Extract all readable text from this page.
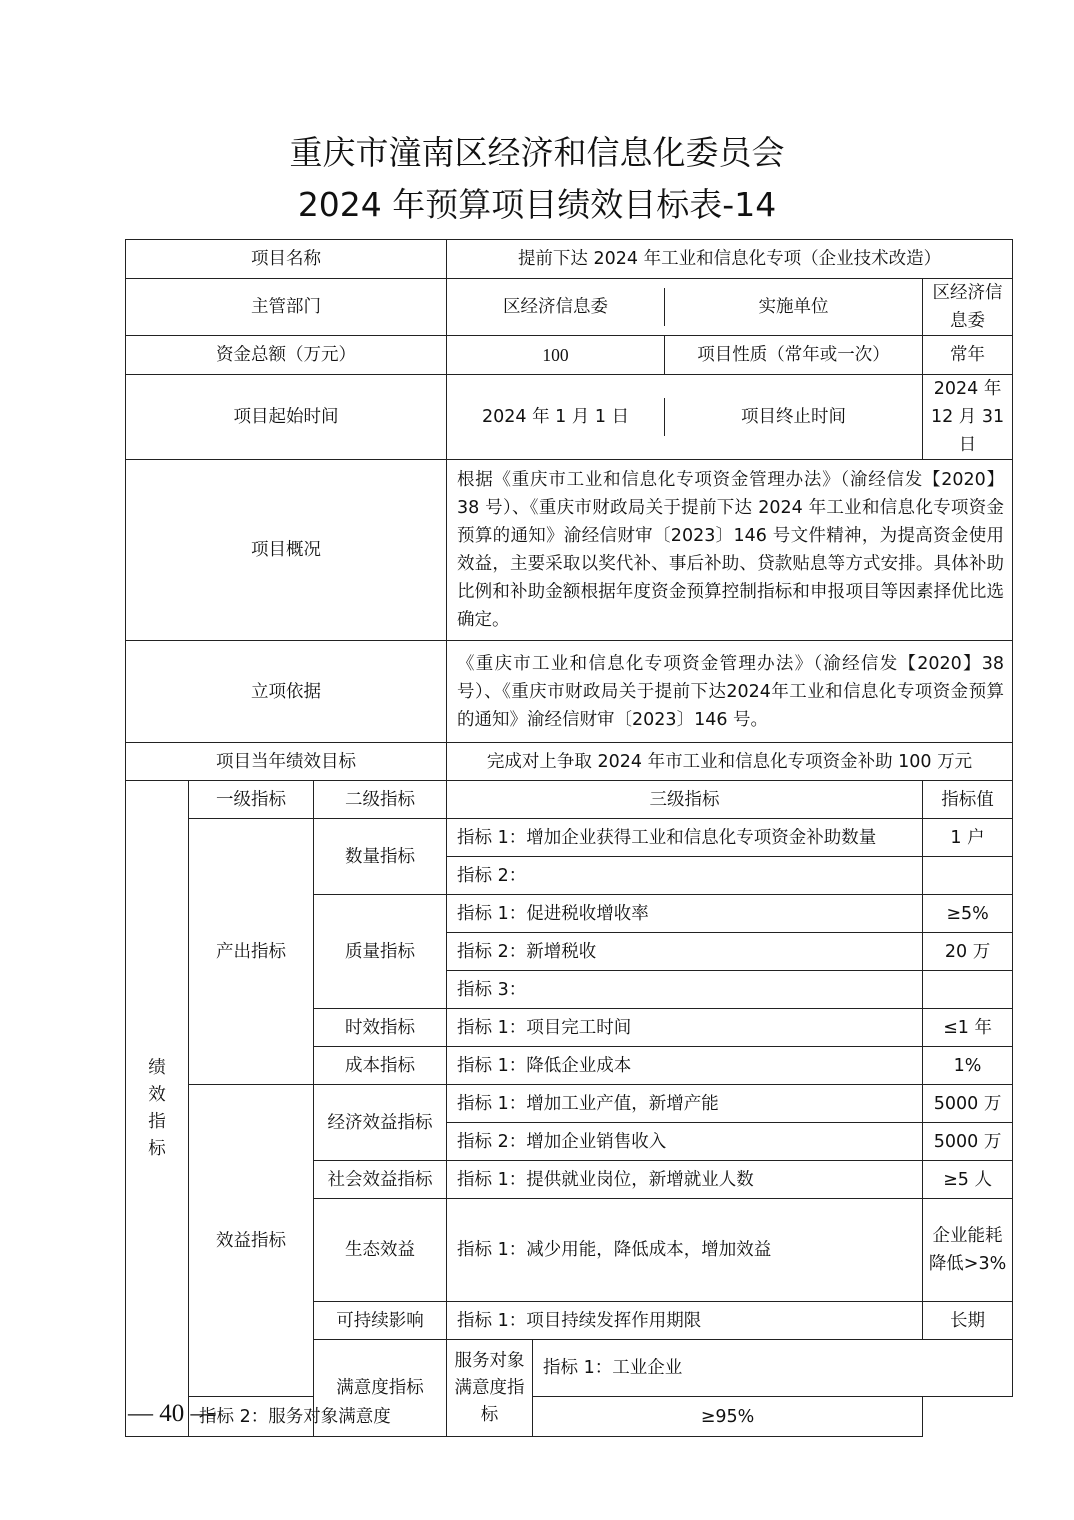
重庆市潼南区经济和信息化委员会
2024 年预算项目绩效目标表-14
项目名称			提前下达 2024 年工业和信息化专项（企业技术改造）			
主管部门			区经济信息委 实施单位		区经济信息委	
资金总额（万元）			100 项目性质（常年或一次）		常年	
项目起始时间			2024 年 1 月 1 日 项目终止时间		2024 年 12 月 31 日	
项目概况			根据《重庆市工业和信息化专项资金管理办法》（渝经信发【2020】38 号）、《重庆市财政局关于提前下达 2024 年工业和信息化专项资金预算的通知》渝经信财审〔2023〕146 号文件精神，为提高资金使用效益，主要采取以奖代补、事后补助、贷款贴息等方式安排。具体补助比例和补助金额根据年度资金预算控制指标和申报项目等因素择优比选确定。			
立项依据			《重庆市工业和信息化专项资金管理办法》（渝经信发【2020】38 号）、《重庆市财政局关于提前下达2024年工业和信息化专项资金预算的通知》渝经信财审〔2023〕146 号。			
项目当年绩效目标			完成对上争取 2024 年市工业和信息化专项资金补助 100 万元			

绩效指标	一级指标	二级指标	三级指标		指标值	
	产出指标	数量指标	指标 1：增加企业获得工业和信息化专项资金补助数量		1 户	
			指标 2：			
		质量指标	指标 1：促进税收增收率		≥5%	
			指标 2：新增税收		20 万	
			指标 3：			
		时效指标	指标 1：项目完工时间		≤1 年	
		成本指标	指标 1：降低企业成本		1%	
	效益指标	经济效益指标	指标 1：增加工业产值，新增产能		5000 万	
			指标 2：增加企业销售收入		5000 万	
		社会效益指标	指标 1：提供就业岗位，新增就业人数		≥5 人	
		生态效益	指标 1：减少用能，降低成本，增加效益		企业能耗降低>3%	
		可持续影响	指标 1：项目持续发挥作用期限		长期	
		满意度指标	服务对象满意度指标	指标 1：工业企业	
	指标 2：服务对象满意度			≥95%		
— 40 —
